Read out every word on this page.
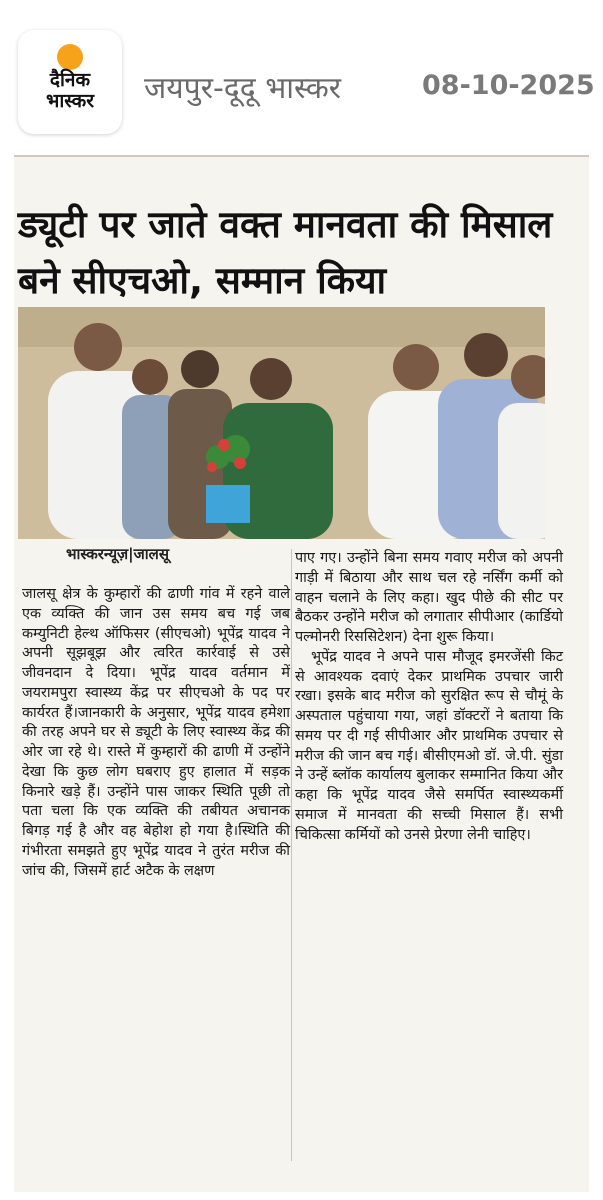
दैनिक भास्कर	जयपुर-दूदू भास्कर	08-10-2025
ड्यूटी पर जाते वक्त मानवता की मिसाल बने सीएचओ, सम्मान किया
भास्करन्यूज़|जालसू

जालसू क्षेत्र के कुम्हारों की ढाणी गांव में रहने वाले एक व्यक्ति की जान उस समय बच गई जब कम्युनिटी हेल्थ ऑफिसर (सीएचओ) भूपेंद्र यादव ने अपनी सूझबूझ और त्वरित कार्रवाई से उसे जीवनदान दे दिया। भूपेंद्र यादव वर्तमान में जयरामपुरा स्वास्थ्य केंद्र पर सीएचओ के पद पर कार्यरत हैं।जानकारी के अनुसार, भूपेंद्र यादव हमेशा की तरह अपने घर से ड्यूटी के लिए स्वास्थ्य केंद्र की ओर जा रहे थे। रास्ते में कुम्हारों की ढाणी में उन्होंने देखा कि कुछ लोग घबराए हुए हालात में सड़क किनारे खड़े हैं। उन्होंने पास जाकर स्थिति पूछी तो पता चला कि एक व्यक्ति की तबीयत अचानक बिगड़ गई है और वह बेहोश हो गया है।स्थिति की गंभीरता समझते हुए भूपेंद्र यादव ने तुरंत मरीज की जांच की, जिसमें हार्ट अटैक के लक्षण

पाए गए। उन्होंने बिना समय गवाए मरीज को अपनी गाड़ी में बिठाया और साथ चल रहे नर्सिंग कर्मी को वाहन चलाने के लिए कहा। खुद पीछे की सीट पर बैठकर उन्होंने मरीज को लगातार सीपीआर (कार्डियो पल्मोनरी रिससिटेशन) देना शुरू किया।

भूपेंद्र यादव ने अपने पास मौजूद इमरजेंसी किट से आवश्यक दवाएं देकर प्राथमिक उपचार जारी रखा। इसके बाद मरीज को सुरक्षित रूप से चौमूं के अस्पताल पहुंचाया गया, जहां डॉक्टरों ने बताया कि समय पर दी गई सीपीआर और प्राथमिक उपचार से मरीज की जान बच गई। बीसीएमओ डॉ. जे.पी. सुंडा ने उन्हें ब्लॉक कार्यालय बुलाकर सम्मानित किया और कहा कि भूपेंद्र यादव जैसे समर्पित स्वास्थ्यकर्मी समाज में मानवता की सच्ची मिसाल हैं। सभी चिकित्सा कर्मियों को उनसे प्रेरणा लेनी चाहिए।
